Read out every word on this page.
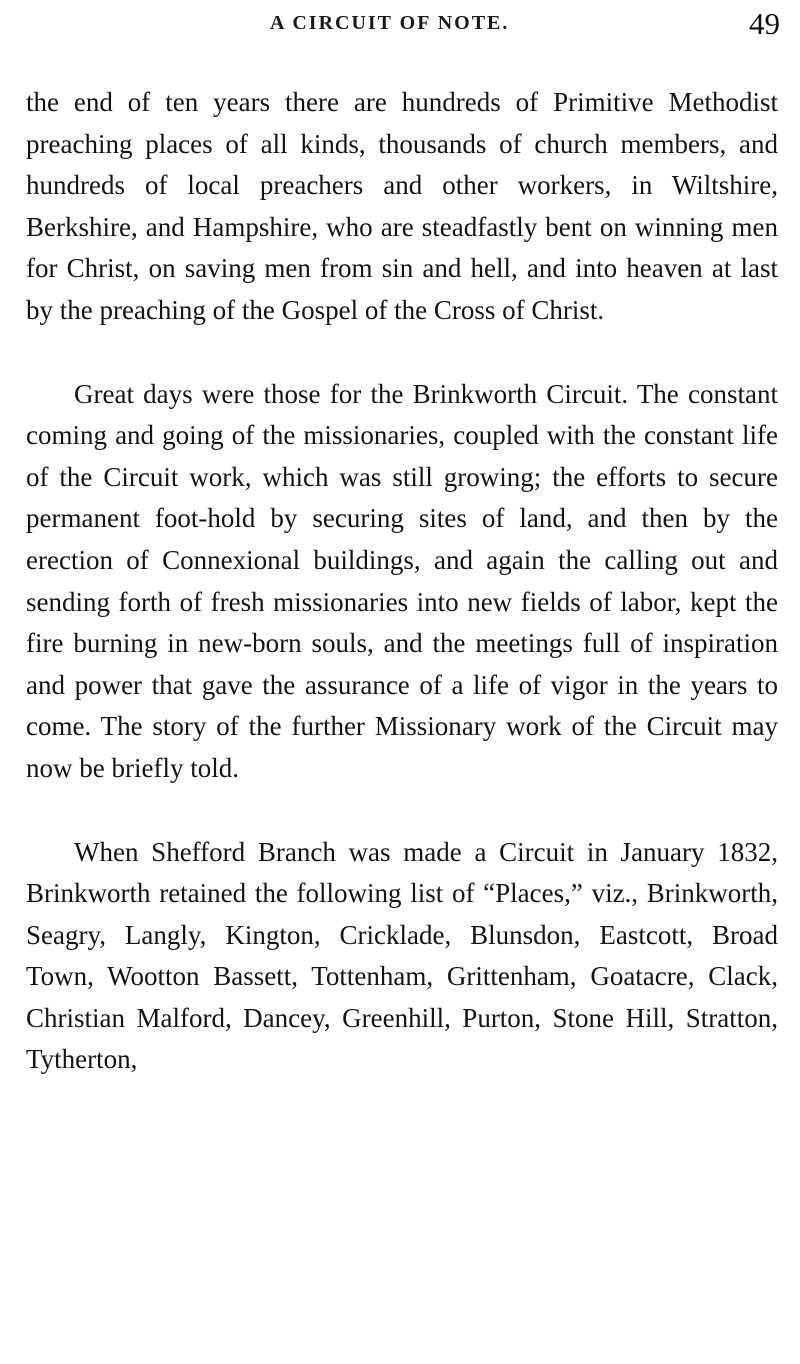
A CIRCUIT OF NOTE.	49

the end of ten years there are hundreds of Primitive Methodist preaching places of all kinds, thousands of church members, and hundreds of local preachers and other workers, in Wiltshire, Berkshire, and Hampshire, who are steadfastly bent on winning men for Christ, on saving men from sin and hell, and into heaven at last by the preaching of the Gospel of the Cross of Christ.

Great days were those for the Brinkworth Circuit. The constant coming and going of the missionaries, coupled with the constant life of the Circuit work, which was still growing; the efforts to secure permanent foot-hold by securing sites of land, and then by the erection of Connexional buildings, and again the calling out and sending forth of fresh missionaries into new fields of labor, kept the fire burning in new-born souls, and the meetings full of inspiration and power that gave the assurance of a life of vigor in the years to come. The story of the further Missionary work of the Circuit may now be briefly told.

When Shefford Branch was made a Circuit in January 1832, Brinkworth retained the following list of “Places,” viz., Brinkworth, Seagry, Langly, Kington, Cricklade, Blunsdon, Eastcott, Broad Town, Wootton Bassett, Tottenham, Grittenham, Goatacre, Clack, Christian Malford, Dancey, Greenhill, Purton, Stone Hill, Stratton, Tytherton,
